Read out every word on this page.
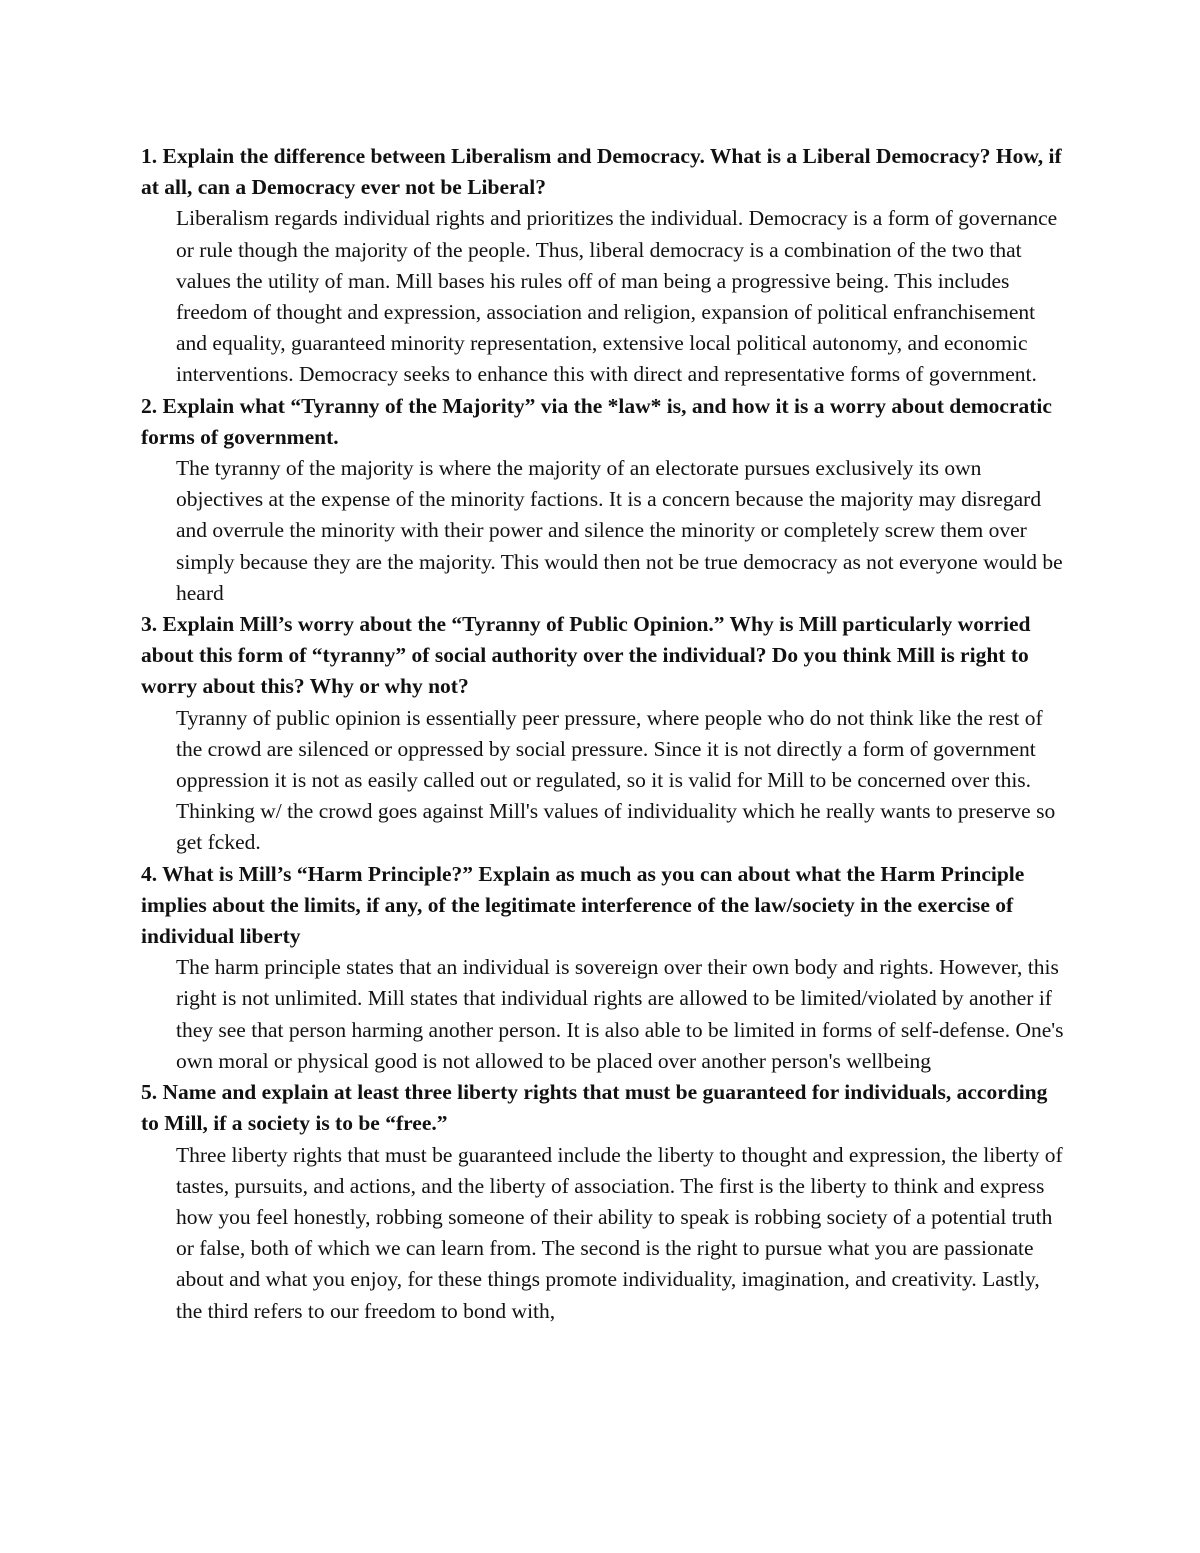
1. Explain the difference between Liberalism and Democracy. What is a Liberal Democracy? How, if at all, can a Democracy ever not be Liberal?

Liberalism regards individual rights and prioritizes the individual. Democracy is a form of governance or rule though the majority of the people. Thus, liberal democracy is a combination of the two that values the utility of man. Mill bases his rules off of man being a progressive being. This includes freedom of thought and expression, association and religion, expansion of political enfranchisement and equality, guaranteed minority representation, extensive local political autonomy, and economic interventions. Democracy seeks to enhance this with direct and representative forms of government.

2. Explain what “Tyranny of the Majority” via the *law* is, and how it is a worry about democratic forms of government.

The tyranny of the majority is where the majority of an electorate pursues exclusively its own objectives at the expense of the minority factions. It is a concern because the majority may disregard and overrule the minority with their power and silence the minority or completely screw them over simply because they are the majority. This would then not be true democracy as not everyone would be heard

3. Explain Mill’s worry about the “Tyranny of Public Opinion.” Why is Mill particularly worried about this form of “tyranny” of social authority over the individual? Do you think Mill is right to worry about this? Why or why not?

Tyranny of public opinion is essentially peer pressure, where people who do not think like the rest of the crowd are silenced or oppressed by social pressure. Since it is not directly a form of government oppression it is not as easily called out or regulated, so it is valid for Mill to be concerned over this. Thinking w/ the crowd goes against Mill's values of individuality which he really wants to preserve so get fcked.

4. What is Mill’s “Harm Principle?” Explain as much as you can about what the Harm Principle implies about the limits, if any, of the legitimate interference of the law/society in the exercise of individual liberty

The harm principle states that an individual is sovereign over their own body and rights. However, this right is not unlimited. Mill states that individual rights are allowed to be limited/violated by another if they see that person harming another person. It is also able to be limited in forms of self-defense. One's own moral or physical good is not allowed to be placed over another person's wellbeing

5. Name and explain at least three liberty rights that must be guaranteed for individuals, according to Mill, if a society is to be “free.”

Three liberty rights that must be guaranteed include the liberty to thought and expression, the liberty of tastes, pursuits, and actions, and the liberty of association. The first is the liberty to think and express how you feel honestly, robbing someone of their ability to speak is robbing society of a potential truth or false, both of which we can learn from. The second is the right to pursue what you are passionate about and what you enjoy, for these things promote individuality, imagination, and creativity. Lastly, the third refers to our freedom to bond with,
